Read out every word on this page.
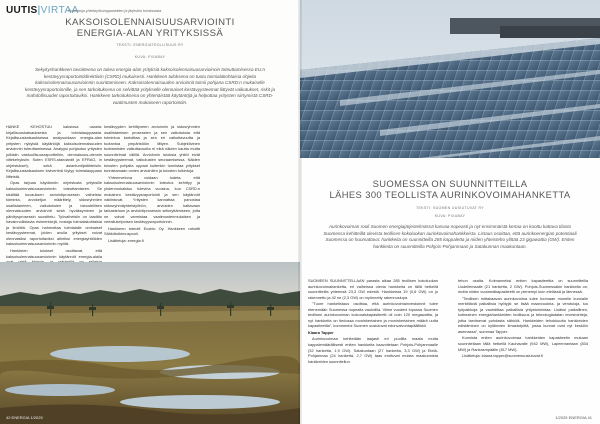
UUTIS|VIRTAA
Poimintoja yhteistyökumppaneiden ja järjestön toiminnasta
KAKSOISOLENNAISUUSARVIOINTI
ENERGIA-ALAN YRITYKSISSÄ
TEKSTI: ENERGIATEOLLISUUS RY
KUVA: PIXABAY
Sekyityshankkeen tavoitteena on tukea energia-alan yrityksiä kaksoisolennaisuusarvioinnin toteuttamisessa EU:n kestävyysraportointidirektiivin (CSRD) mukaisesti. Hankkeen tuloksena on tuotu toimialakohtaisia ohjeita kaksoisolennaisuusarvioinnin suorittamiseen. Kaksoisolennaisuuden arvioinnit toimii pohjana CSRD:n mukaiselle kestävyysraportoinnille, ja sen tarkoituksena on selvittää yritykselle olennaiset kestävyysteemat liittyvät vaikutukset, riskit ja mahdollisuudet raportoitaviksi. Hankkeen tarkoituksena on yhtenäistää käytäntöjä ja helpottaa yritysten siirtymistä CSRD-vaatimusten mukaiseen raportointiin.

HANKE KEHOSTUU kaksiosa osasta: kirjallisuuskatsauksesta ja toimialaoppaasta. Kirjallisuuskatsauksessa analysoidaan energia-alan yritysten nykyisiä käytäntöjä kaksoisolennaisuuden arvioinnin toteuttamisessa. Analyysi pohjautuu yritysten julkisiin vastuullisuusraportteihin, olennaisuus-olennin viitekehyksiin. Suten ESRS-standardit ja EFRAG, in ohjeistukset), sekä asiantuntijalähteisiin. Kirjallisuuskatsauksen kivivertinä löytyy toimialaoppaan liitteistä.

Opas tarjoaa käytännön ohjeistusta yrityksille kaksoisolennaisuusarvioinnin toteuttamiseen. Se sisältää kuvauksen arviointiprosessin vaiheista: toiminta, arvoketjun määrittely, sidosryhmien osallistaminen, vaikutuksien ja taloudellisen olennaisuuden arvioinnit sekä hyväksyminen ja päivitysprosessin suosittelu. Työvaiheisiin on laadittu havainnollistavia esimerkkejä, nostaja toimialakohtaisia ja ilmiöitä. Opas hahmottaa toimialalle ominaiset kestävyysteemat, joiden avulla yritykset voivat olennaisiksi raportoitaviksi aiheiksi energiayhtiöiden kaksoisolennaisuusarvioinnin myötä.

Hankkeen tulokset osoittavat, että kaksoisolennaisuusarvioinnin käytännöt energia-alalla

kestävyyden kehittyneen arvioinnin ja sidosryhmien osallistamisen prosessien ja sen vaikutuksia että toimintoa kartoittaa ja sen eri vaikuttavuutta ja tuotantoa ympäristöön liittyen. Subjektivinen tuottamisten vaikuttavuutta ei eikä näiden kautta mutta suunnitelmat välillä. Arvioinnin tuloksia yhtiöt eivät kestävyysteemat, vaikutusten seuraamisessa. Näiden tulosten pohjalta oppaat kuitenkin tunnistaa yritykset tunnistamaan omien arviointien ja tulosten tulkintoja.

Yhteenvetona voidaan todeta, että kaksoisolennaisuusarvioinnin toteutus kehittyy ja yhdenmukaistuu tulevina vuosina, kun CSRD:n mukainen kestävyysraportointi ja sen käytännöt vakiintuvat. Yritysten kannattaa panostaa sidosryhmäyhteistyöhön, arvioiden kattavaan tarkasteluun ja arviointiprosessin selkeyttämiseen, jotta ne voivat varmistaa vaatimustenmukaisen ja vertailukelpoisen kestävyysraportoinnin.

Hankkeen toteutti Ecobio Oy. Hankkeen rahoitti Sähkötutkimuspooli.

Lisätietoja: energia.fi

42 ENERGIA 1/2025
SUOMESSA ON SUUNNITTEILLA
LÄHES 300 TEOLLISTA AURINKOVOIMAHANKETTA
TEKSTI: SUOMEN UUSIUTUVAT RY
KUVA: PIXABAY
Aurinkovoiman rooli Suomen energiajärjestelmässä kasvaa nopeasti ja nyt ensimmäistä kertaa on koottu kattava tilasto Suomessa kehitteillä olevista teollisen kokoluokan aurinkovoimahankkeista. Listaus osoittaa, että aurinkoenergian potentiaali Suomessa on huomattava: hankkeita on suunnitteilla 285 kappaletta ja niiden yhteisteho ylittää 23 gigawattia (GW). Eniten hankkeita on suunnitteilla Pohjois-Pohjanmaan ja Satakunnan maakuntaan.

SUOMEEN SUUNNITTELLAAN parasta aikaa 285 teollisen kokoluokan aurinkovoimahanketta, eri vaiheissa olevia hankkeita on tällä hetkellä suunnitteilla yhteensä 23,3 GW edestä. Hankkeista 19 (0,6 GW) on jo rakennettu ja 42 ne (2,3 GW) on myönnetty rakennuslupa.

"Tuore hankelistaus osoittaa, että aurinkovoimainvestoinnit tulee etenemään Suomessa nopealla vauhdilla. Viime vuodeni lopussa Suomen teollisen aurinkovoiman kokonaiskapasiteetti oli noin 120 megawattia, ja nyt hankkeita on tiedossa moninkertainen ja moninkertainen määrä uutta kapasiteettia", kommentoi Suomen uusiutuvat edunvalvontapäällikkö

Klaara Tapper

Aurinkovoimaa kehitetään laajasti eri puolilla maata mutta kappalemäärällisesti eniten hankkeita kaavoitetaan Pohjois-Pohjanmaalle (32 hanketta, 1,9 GW). Satakuntaan (27 hanketta, 3,3 GW) ja Etelä-Pohjanmaa (24 hanketta, 2,7 GW) taas erottuvat muista maakunnista hankkeiden suunnitellun

tehon osalta. Kolmanneksi eniten kapasiteettia on suunnitteilla Uudellemaalle (21 hanketta, 2 GW). Pohjois-Suomessakin hankkeita on, mutta niiden vuotamäkapasiteetti on pienempi kuin etelässä ja lännessä.

"Teollisen mittakaavan aurinkovoima tulee tuomaan monelle kunnalle merkittäviä paikallisia hyötyjä: se lisää maanvuokria- ja verotuloja, luo työpaikkoja ja vauhdittaa paikallisia yritystoimintaa. Lisäksi paikallinen, kotimainen energiahankkeiden teollisuus ja teknologiadatan investointeja, jotka tarvitsevat puhdasta sähköä. Hankkeiden tehokkuutta hankkeiden edistäminen on kyläinvien ilmastotyötä, jossa kunnat ovat nyt keskiön asemassa", summaa Tapper.

Kunnista eniten aurinkovoimaa hankkeiden kapasiteetin mukaan suunnitellaan tällä hetkellä Kauhavalle (942 MW), Lapeenrantaan (834 MW) ja Rankasmpäälle (817 MW).

Lisätietoja: klaara.tapper@suomenuusiutuvat.fi

1/2025 ENERGIA 41
